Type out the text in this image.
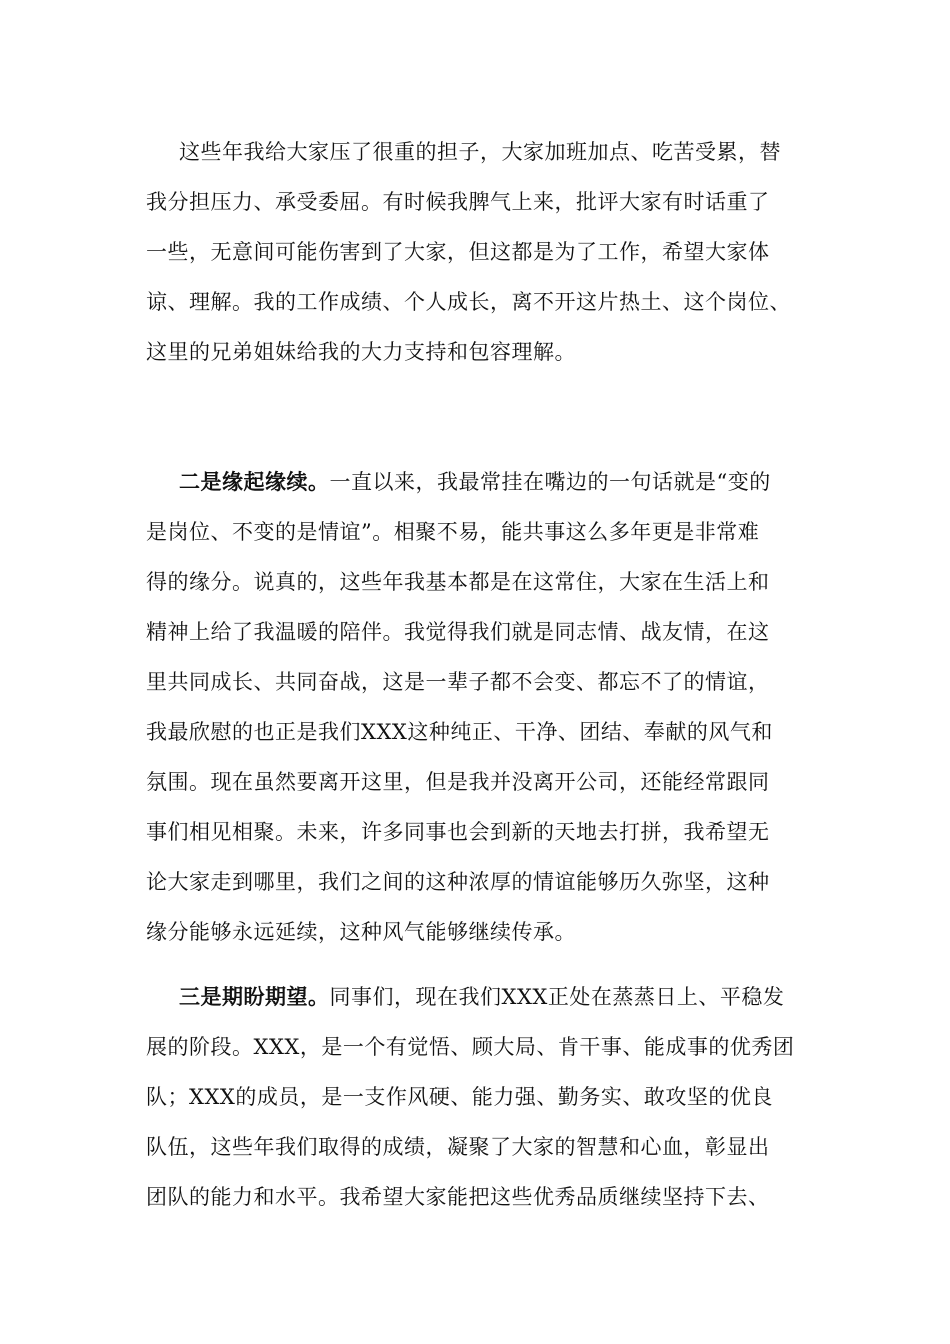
这些年我给大家压了很重的担子，大家加班加点、吃苦受累，替
我分担压力、承受委屈。有时候我脾气上来，批评大家有时话重了
一些，无意间可能伤害到了大家，但这都是为了工作，希望大家体
谅、理解。我的工作成绩、个人成长，离不开这片热土、这个岗位、
这里的兄弟姐妹给我的大力支持和包容理解。
二是缘起缘续。一直以来，我最常挂在嘴边的一句话就是“变的
是岗位、不变的是情谊”。相聚不易，能共事这么多年更是非常难
得的缘分。说真的，这些年我基本都是在这常住，大家在生活上和
精神上给了我温暖的陪伴。我觉得我们就是同志情、战友情，在这
里共同成长、共同奋战，这是一辈子都不会变、都忘不了的情谊，
我最欣慰的也正是我们XXX这种纯正、干净、团结、奉献的风气和
氛围。现在虽然要离开这里，但是我并没离开公司，还能经常跟同
事们相见相聚。未来，许多同事也会到新的天地去打拼，我希望无
论大家走到哪里，我们之间的这种浓厚的情谊能够历久弥坚，这种
缘分能够永远延续，这种风气能够继续传承。
三是期盼期望。同事们，现在我们XXX正处在蒸蒸日上、平稳发
展的阶段。XXX，是一个有觉悟、顾大局、肯干事、能成事的优秀团
队；XXX的成员，是一支作风硬、能力强、勤务实、敢攻坚的优良
队伍，这些年我们取得的成绩，凝聚了大家的智慧和心血，彰显出
团队的能力和水平。我希望大家能把这些优秀品质继续坚持下去、
